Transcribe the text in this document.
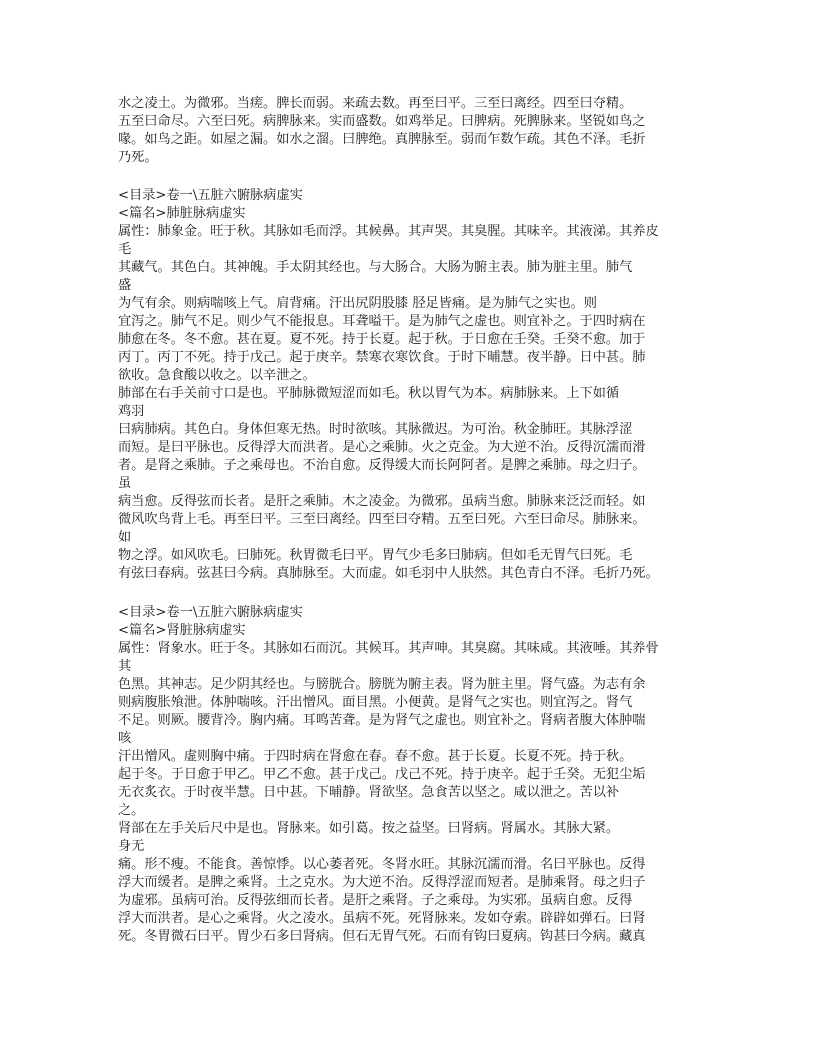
水之凌土。为微邪。当瘥。脾长而弱。来疏去数。再至曰平。三至曰离经。四至曰夺精。
五至曰命尽。六至曰死。病脾脉来。实而盛数。如鸡举足。曰脾病。死脾脉来。坚锐如鸟之
喙。如鸟之距。如屋之漏。如水之溜。曰脾绝。真脾脉至。弱而乍数乍疏。其色不泽。毛折
乃死。
<目录>卷一\五脏六腑脉病虚实
<篇名>肺脏脉病虚实
属性：肺象金。旺于秋。其脉如毛而浮。其候鼻。其声哭。其臭腥。其味辛。其液涕。其养皮
毛
其藏气。其色白。其神魄。手太阴其经也。与大肠合。大肠为腑主表。肺为脏主里。肺气
盛
为气有余。则病喘咳上气。肩背痛。汗出尻阴股膝 胫足皆痛。是为肺气之实也。则
宜泻之。肺气不足。则少气不能报息。耳聋嗌干。是为肺气之虚也。则宜补之。于四时病在
肺愈在冬。冬不愈。甚在夏。夏不死。持于长夏。起于秋。于日愈在壬癸。壬癸不愈。加于
丙丁。丙丁不死。持于戊己。起于庚辛。禁寒衣寒饮食。于时下晡慧。夜半静。日中甚。肺
欲收。急食酸以收之。以辛泄之。
肺部在右手关前寸口是也。平肺脉微短涩而如毛。秋以胃气为本。病肺脉来。上下如循
鸡羽
曰病肺病。其色白。身体但寒无热。时时欲咳。其脉微迟。为可治。秋金肺旺。其脉浮涩
而短。是曰平脉也。反得浮大而洪者。是心之乘肺。火之克金。为大逆不治。反得沉濡而滑
者。是肾之乘肺。子之乘母也。不治自愈。反得缓大而长阿阿者。是脾之乘肺。母之归子。
虽
病当愈。反得弦而长者。是肝之乘肺。木之凌金。为微邪。虽病当愈。肺脉来泛泛而轻。如
微风吹鸟背上毛。再至曰平。三至曰离经。四至曰夺精。五至曰死。六至曰命尽。肺脉来。
如
物之浮。如风吹毛。曰肺死。秋胃微毛曰平。胃气少毛多曰肺病。但如毛无胃气曰死。毛
有弦曰春病。弦甚曰今病。真肺脉至。大而虚。如毛羽中人肤然。其色青白不泽。毛折乃死。
<目录>卷一\五脏六腑脉病虚实
<篇名>肾脏脉病虚实
属性：肾象水。旺于冬。其脉如石而沉。其候耳。其声呻。其臭腐。其味咸。其液唾。其养骨
其
色黑。其神志。足少阴其经也。与膀胱合。膀胱为腑主表。肾为脏主里。肾气盛。为志有余
则病腹胀飧泄。体肿喘咳。汗出憎风。面目黑。小便黄。是肾气之实也。则宜泻之。肾气
不足。则厥。腰背冷。胸内痛。耳鸣苦聋。是为肾气之虚也。则宜补之。肾病者腹大体肿喘
咳
汗出憎风。虚则胸中痛。于四时病在肾愈在春。春不愈。甚于长夏。长夏不死。持于秋。
起于冬。于日愈于甲乙。甲乙不愈。甚于戊己。戊己不死。持于庚辛。起于壬癸。无犯尘垢
无衣炙衣。于时夜半慧。日中甚。下晡静。肾欲坚。急食苦以坚之。咸以泄之。苦以补
之。
肾部在左手关后尺中是也。肾脉来。如引葛。按之益坚。曰肾病。肾属水。其脉大紧。
身无
痛。形不瘦。不能食。善惊悸。以心萎者死。冬肾水旺。其脉沉濡而滑。名曰平脉也。反得
浮大而缓者。是脾之乘肾。土之克水。为大逆不治。反得浮涩而短者。是肺乘肾。母之归子
为虚邪。虽病可治。反得弦细而长者。是肝之乘肾。子之乘母。为实邪。虽病自愈。反得
浮大而洪者。是心之乘肾。火之凌水。虽病不死。死肾脉来。发如夺索。辟辟如弹石。曰肾
死。冬胃微石曰平。胃少石多曰肾病。但石无胃气死。石而有钩曰夏病。钩甚曰今病。藏真
